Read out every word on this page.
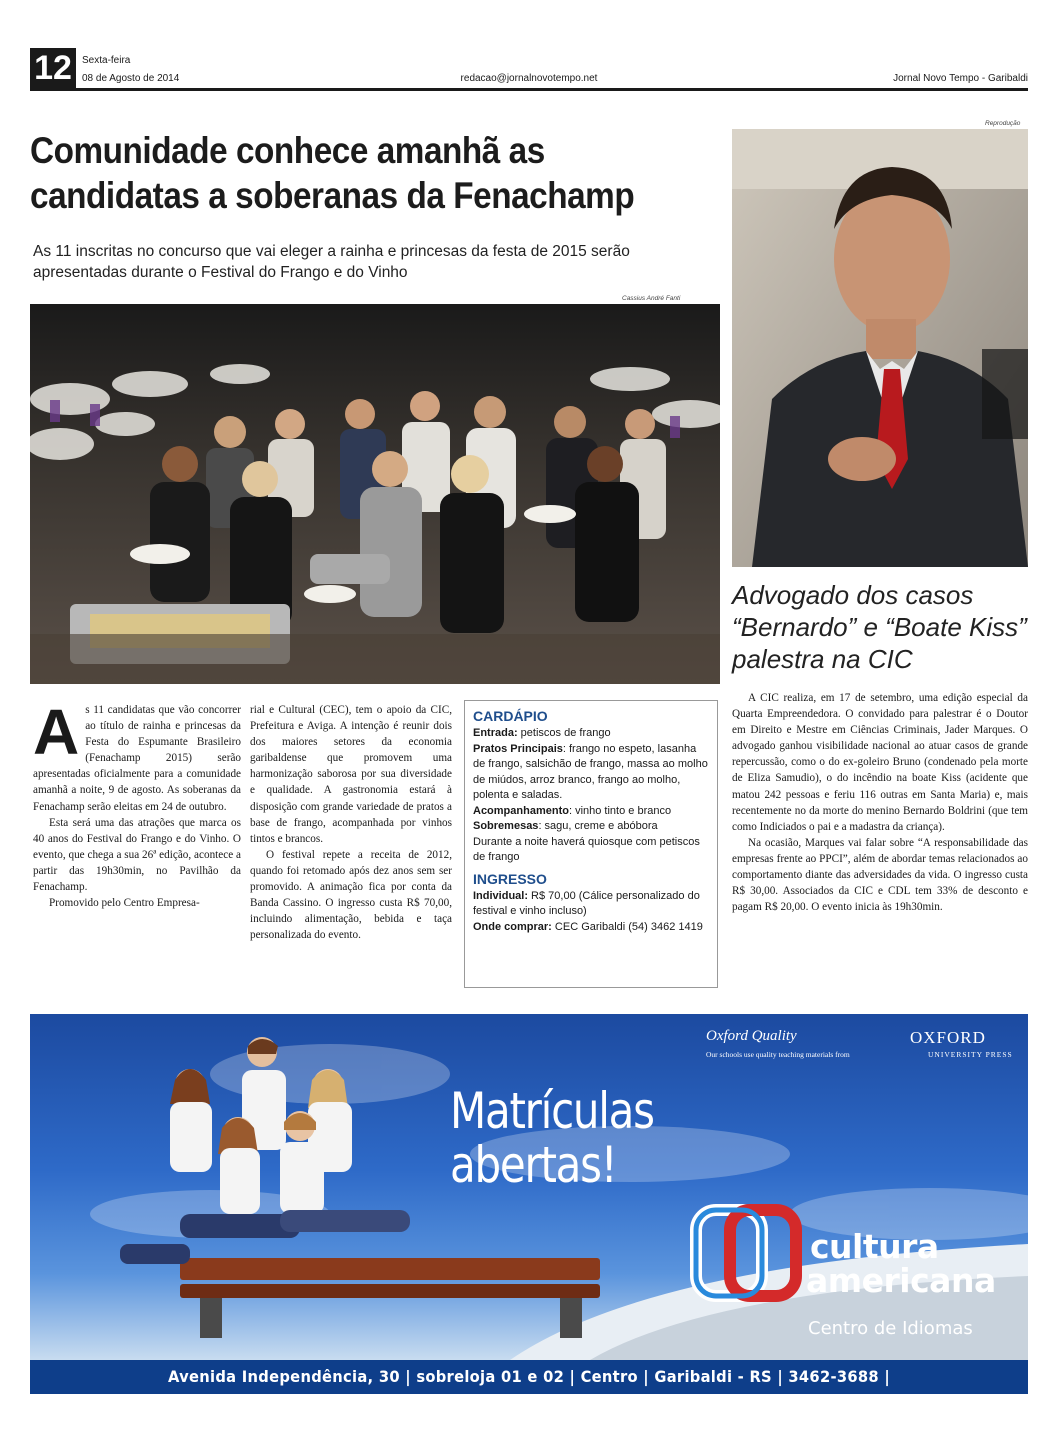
12	Sexta-feira
08 de Agosto de 2014	redacao@jornalnovotempo.net	Jornal Novo Tempo - Garibaldi
Comunidade conhece amanhã as candidatas a soberanas da Fenachamp
As 11 inscritas no concurso que vai eleger a rainha e princesas da festa de 2015 serão apresentadas durante o Festival do Frango e do Vinho
Cassius André Fanti

As 11 candidatas que vão concorrer ao título de rainha e princesas da Festa do Espumante Brasileiro (Fenachamp 2015) serão apresentadas oficialmente para a comunidade amanhã a noite, 9 de agosto. As soberanas da Fenachamp serão eleitas em 24 de outubro.

Esta será uma das atrações que marca os 40 anos do Festival do Frango e do Vinho. O evento, que chega a sua 26ª edição, acontece a partir das 19h30min, no Pavilhão da Fenachamp.

Promovido pelo Centro Empresa-

rial e Cultural (CEC), tem o apoio da CIC, Prefeitura e Aviga. A intenção é reunir dois dos maiores setores da economia garibaldense que promovem uma harmonização saborosa por sua diversidade e qualidade. A gastronomia estará à disposição com grande variedade de pratos a base de frango, acompanhada por vinhos tintos e brancos.

O festival repete a receita de 2012, quando foi retomado após dez anos sem ser promovido. A animação fica por conta da Banda Cassino. O ingresso custa R$ 70,00, incluindo alimentação, bebida e taça personalizada do evento.

CARDÁPIO
Entrada: petiscos de frango
Pratos Principais: frango no espeto, lasanha de frango, salsichão de frango, massa ao molho de miúdos, arroz branco, frango ao molho, polenta e saladas.
Acompanhamento: vinho tinto e branco
Sobremesas: sagu, creme e abóbora
Durante a noite haverá quiosque com petiscos de frango
INGRESSO
Individual: R$ 70,00 (Cálice personalizado do festival e vinho incluso)
Onde comprar: CEC Garibaldi (54) 3462 1419
Reprodução
Advogado dos casos “Bernardo” e “Boate Kiss” palestra na CIC

A CIC realiza, em 17 de setembro, uma edição especial da Quarta Empreendedora. O convidado para palestrar é o Doutor em Direito e Mestre em Ciências Criminais, Jader Marques. O advogado ganhou visibilidade nacional ao atuar casos de grande repercussão, como o do ex-goleiro Bruno (condenado pela morte de Eliza Samudio), o do incêndio na boate Kiss (acidente que matou 242 pessoas e feriu 116 outras em Santa Maria) e, mais recentemente no da morte do menino Bernardo Boldrini (que tem como Indiciados o pai e a madastra da criança).

Na ocasião, Marques vai falar sobre “A responsabilidade das empresas frente ao PPCI”, além de abordar temas relacionados ao comportamento diante das adversidades da vida. O ingresso custa R$ 30,00. Associados da CIC e CDL tem 33% de desconto e pagam R$ 20,00. O evento inicia às 19h30min.

Oxford Quality
Our schools use quality teaching materials from
OXFORD
UNIVERSITY PRESS
Matrículas abertas!
cultura
americana
Centro de Idiomas
Avenida Independência, 30 | sobreloja 01 e 02 | Centro | Garibaldi - RS | 3462-3688 | garibaldi@culturaamericana.com.br
